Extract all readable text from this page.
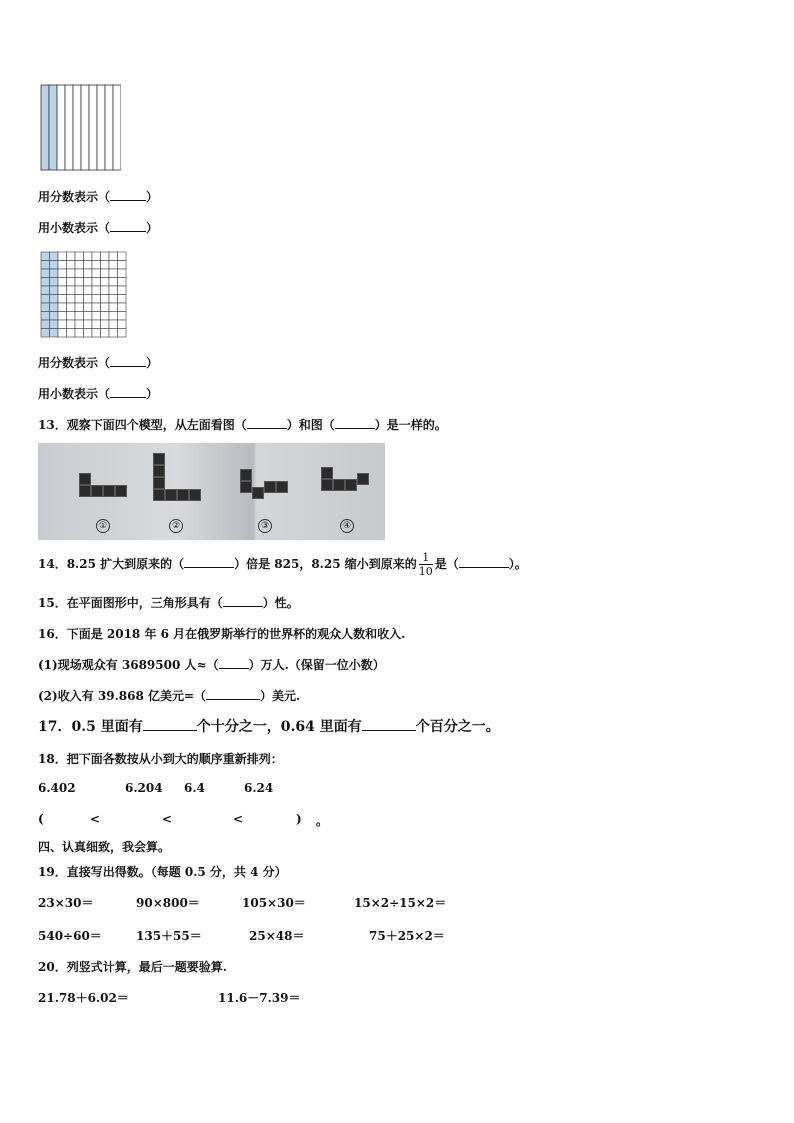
用分数表示（	）
用小数表示（	）
用分数表示（	）
用小数表示（	）
13．观察下面四个模型，从左面看图（	）和图（	）是一样的。
①	②	③	④
14．8.25 扩大到原来的（	）倍是 825，8.25 缩小到原来的 $\frac{1}{10}$ 是（	）。
15．在平面图形中，三角形具有（	）性。
16．下面是 2018 年 6 月在俄罗斯举行的世界杯的观众人数和收入.
(1)现场观众有 3689500 人≈（	）万人.（保留一位小数）
(2)收入有 39.868 亿美元=（	）美元.
17．0.5 里面有	个十分之一，0.64 里面有	个百分之一。
18．把下面各数按从小到大的顺序重新排列：
6.402	6.204 6.4	6.24
(	<	<	<	) 。
四、认真细致，我会算。
19．直接写出得数。（每题 0.5 分，共 4 分）
23×30＝	90×800＝	105×30＝	15×2÷15×2＝
540÷60＝	135＋55＝	25×48＝	75＋25×2＝
20．列竖式计算，最后一题要验算.
21.78＋6.02＝	11.6－7.39＝
